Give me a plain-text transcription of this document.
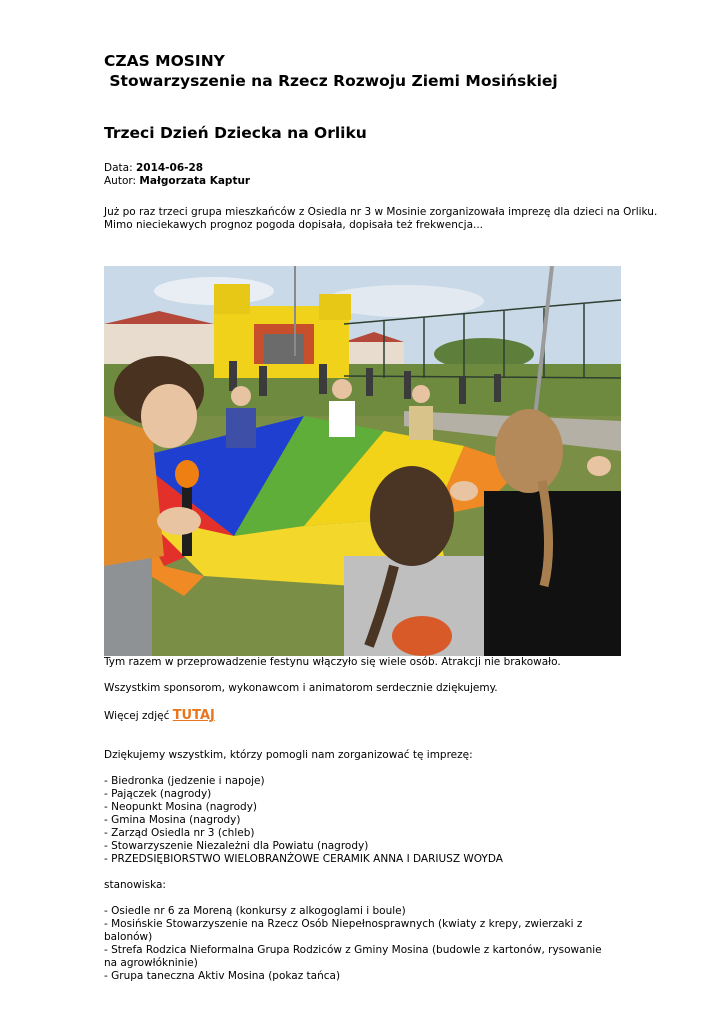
CZAS MOSINY
Stowarzyszenie na Rzecz Rozwoju Ziemi Mosińskiej
Trzeci Dzień Dziecka na Orliku
Data: 2014-06-28
Autor: Małgorzata Kaptur
Już po raz trzeci grupa mieszkańców z Osiedla nr 3 w Mosinie zorganizowała imprezę dla dzieci na Orliku.
Mimo nieciekawych prognoz pogoda dopisała, dopisała też frekwencja...
Tym razem w przeprowadzenie festynu włączyło się wiele osób. Atrakcji nie brakowało.
Wszystkim sponsorom, wykonawcom i animatorom serdecznie dziękujemy.
Więcej zdjęć TUTAJ
Dziękujemy wszystkim, którzy pomogli nam zorganizować tę imprezę:
- Biedronka (jedzenie i napoje)
- Pajączek (nagrody)
- Neopunkt Mosina (nagrody)
- Gmina Mosina (nagrody)
- Zarząd Osiedla nr 3 (chleb)
- Stowarzyszenie Niezależni dla Powiatu (nagrody)
- PRZEDSIĘBIORSTWO WIELOBRANŻOWE CERAMIK ANNA I DARIUSZ WOYDA
stanowiska:
- Osiedle nr 6 za Moreną (konkursy z alkogoglami i boule)
- Mosińskie Stowarzyszenie na Rzecz Osób Niepełnosprawnych (kwiaty z krepy, zwierzaki z balonów)
- Strefa Rodzica Nieformalna Grupa Rodziców z Gminy Mosina (budowle z kartonów, rysowanie na agrowłókninie)
- Grupa taneczna Aktiv Mosina (pokaz tańca)
